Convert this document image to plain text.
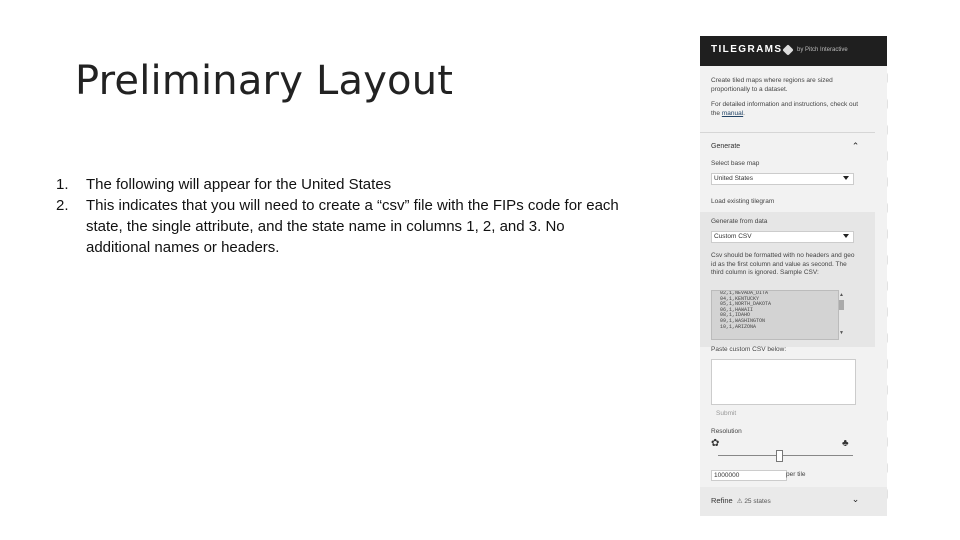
Preliminary Layout
1. The following will appear for the United States
2. This indicates that you will need to create a “csv” file with the FIPs code for each state, the single attribute, and the state name in columns 1, 2, and 3. No additional names or headers.
TILEGRAMS by Pitch Interactive
Create tiled maps where regions are sized proportionally to a dataset.
For detailed information and instructions, check out the manual.
Generate	⌃
Select base map
United States
Load existing tilegram
Generate from data
Custom CSV
Csv should be formatted with no headers and geo id as the first column and value as second. The third column is ignored. Sample CSV:
02,1,NEVADA_DITA
04,1,KENTUCKY
05,1,NORTH_DAKOTA
06,1,HAWAII
08,1,IDAHO
09,1,WASHINGTON
10,1,ARIZONA
▲
▼
Paste custom CSV below:
Submit
Resolution
✿	♣
1000000	per tile
Refine ⚠ 25 states	⌄
